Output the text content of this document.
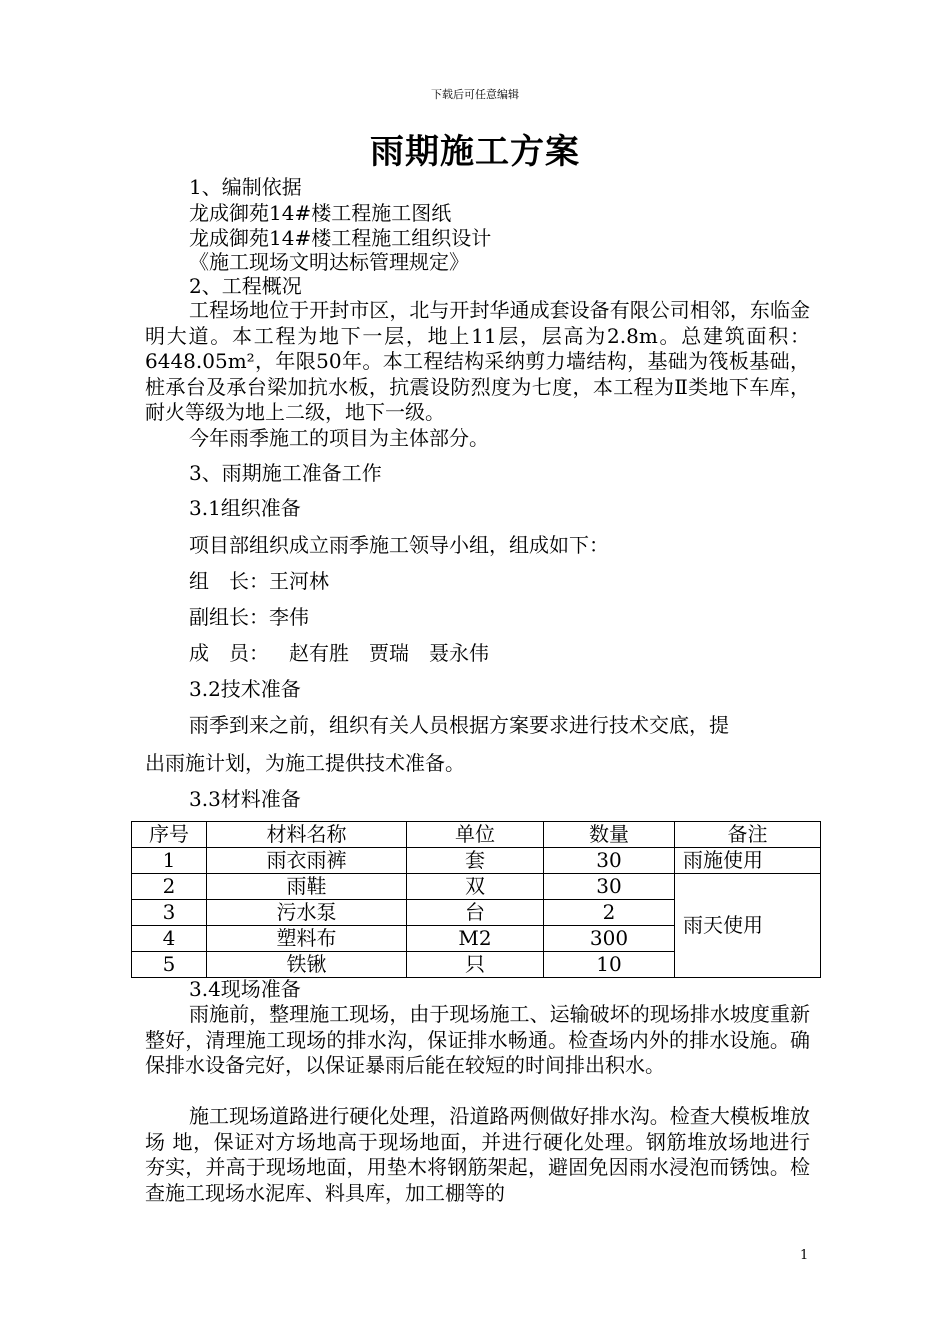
下载后可任意编辑
雨期施工方案
1、编制依据
龙成御苑14#楼工程施工图纸
龙成御苑14#楼工程施工组织设计
《施工现场文明达标管理规定》
2、工程概况
工程场地位于开封市区，北与开封华通成套设备有限公司相邻，东临金明大道。本工程为地下一层，地上11层，层高为2.8m。总建筑面积：6448.05m²，年限50年。本工程结构采纳剪力墙结构，基础为筏板基础，桩承台及承台梁加抗水板，抗震设防烈度为七度，本工程为Ⅱ类地下车库，耐火等级为地上二级，地下一级。
今年雨季施工的项目为主体部分。
3、雨期施工准备工作
3.1组织准备
项目部组织成立雨季施工领导小组，组成如下：
组　长：王河林
副组长：李伟
成　员： 赵有胜　贾瑞　聂永伟
3.2技术准备
雨季到来之前，组织有关人员根据方案要求进行技术交底，提
出雨施计划，为施工提供技术准备。
3.3材料准备
序号	材料名称	单位	数量	备注
1	雨衣雨裤	套	30	雨施使用
2	雨鞋	双	30	雨天使用
3	污水泵	台	2	
4	塑料布	M2	300	
5	铁锹	只	10	
3.4现场准备
雨施前，整理施工现场，由于现场施工、运输破坏的现场排水坡度重新整好，清理施工现场的排水沟，保证排水畅通。检查场内外的排水设施。确保排水设备完好，以保证暴雨后能在较短的时间排出积水。
施工现场道路进行硬化处理，沿道路两侧做好排水沟。检查大模板堆放场 地，保证对方场地高于现场地面，并进行硬化处理。钢筋堆放场地进行夯实，并高于现场地面，用垫木将钢筋架起，避固免因雨水浸泡而锈蚀。检查施工现场水泥库、料具库，加工棚等的
1
